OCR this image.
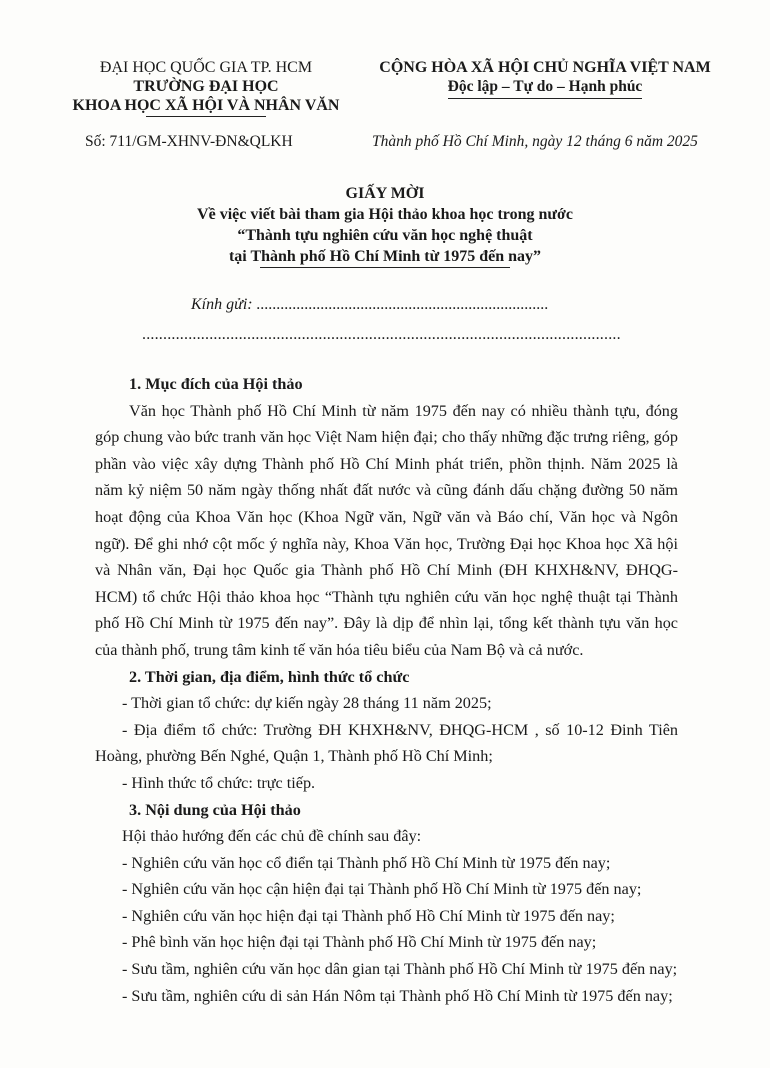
ĐẠI HỌC QUỐC GIA TP. HCM
TRƯỜNG ĐẠI HỌC
KHOA HỌC XÃ HỘI VÀ NHÂN VĂN
CỘNG HÒA XÃ HỘI CHỦ NGHĨA VIỆT NAM
Độc lập – Tự do – Hạnh phúc
Số: 711/GM-XHNV-ĐN&QLKH	Thành phố Hồ Chí Minh, ngày 12 tháng 6 năm 2025
GIẤY MỜI
Về việc viết bài tham gia Hội thảo khoa học trong nước
“Thành tựu nghiên cứu văn học nghệ thuật
tại Thành phố Hồ Chí Minh từ 1975 đến nay”
Kính gửi: .........................................................................
..................................................................................................................

1. Mục đích của Hội thảo

Văn học Thành phố Hồ Chí Minh từ năm 1975 đến nay có nhiều thành tựu, đóng góp chung vào bức tranh văn học Việt Nam hiện đại; cho thấy những đặc trưng riêng, góp phần vào việc xây dựng Thành phố Hồ Chí Minh phát triển, phồn thịnh. Năm 2025 là năm kỷ niệm 50 năm ngày thống nhất đất nước và cũng đánh dấu chặng đường 50 năm hoạt động của Khoa Văn học (Khoa Ngữ văn, Ngữ văn và Báo chí, Văn học và Ngôn ngữ). Để ghi nhớ cột mốc ý nghĩa này, Khoa Văn học, Trường Đại học Khoa học Xã hội và Nhân văn, Đại học Quốc gia Thành phố Hồ Chí Minh (ĐH KHXH&NV, ĐHQG-HCM) tổ chức Hội thảo khoa học “Thành tựu nghiên cứu văn học nghệ thuật tại Thành phố Hồ Chí Minh từ 1975 đến nay”. Đây là dịp để nhìn lại, tổng kết thành tựu văn học của thành phố, trung tâm kinh tế văn hóa tiêu biểu của Nam Bộ và cả nước.

2. Thời gian, địa điểm, hình thức tổ chức

- Thời gian tổ chức: dự kiến ngày 28 tháng 11 năm 2025;

- Địa điểm tổ chức: Trường ĐH KHXH&NV, ĐHQG-HCM , số 10-12 Đinh Tiên Hoàng, phường Bến Nghé, Quận 1, Thành phố Hồ Chí Minh;

- Hình thức tổ chức: trực tiếp.

3. Nội dung của Hội thảo

Hội thảo hướng đến các chủ đề chính sau đây:

- Nghiên cứu văn học cổ điển tại Thành phố Hồ Chí Minh từ 1975 đến nay;

- Nghiên cứu văn học cận hiện đại tại Thành phố Hồ Chí Minh từ 1975 đến nay;

- Nghiên cứu văn học hiện đại tại Thành phố Hồ Chí Minh từ 1975 đến nay;

- Phê bình văn học hiện đại tại Thành phố Hồ Chí Minh từ 1975 đến nay;

- Sưu tầm, nghiên cứu văn học dân gian tại Thành phố Hồ Chí Minh từ 1975 đến nay;

- Sưu tầm, nghiên cứu di sản Hán Nôm tại Thành phố Hồ Chí Minh từ 1975 đến nay;
